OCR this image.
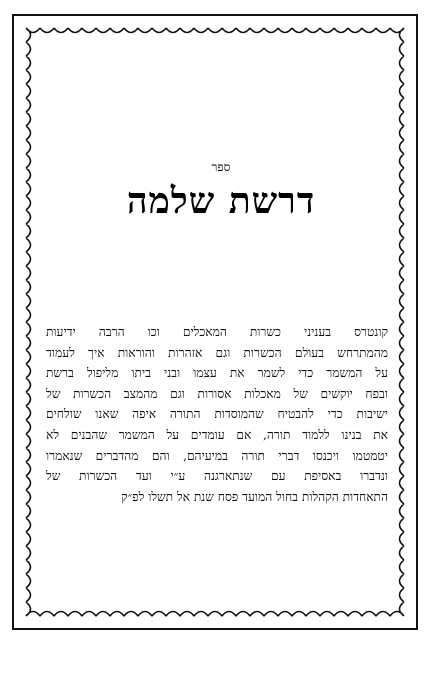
ספר
דרשת שלמה
קונטרס בעניני כשרות המאכלים וכו הרבה ידיעות
מהמתרחש בעולם הכשרות וגם אזהרות והוראות איך לעמוד
על המשמר כדי לשמר את עצמו ובני ביתו מליפול ברשת
ובפח יוקשים של מאכלות אסורות וגם מהמצב הכשרות של
ישיבות כדי להבטיח שהמוסדות התורה איפה שאנו שולחים
את בנינו ללמוד תורה, אם עומדים על המשמר שהבנים לא
יטמטמו ויכנסו דברי תורה במיעיהם, והם מהדברים שנאמרו
ונדברו באסיפת עם שנתארגנה ע״י ועד הכשרות של
התאחדות הקהלות בחול המועד פסח שנת אל תשלו לפ״ק
